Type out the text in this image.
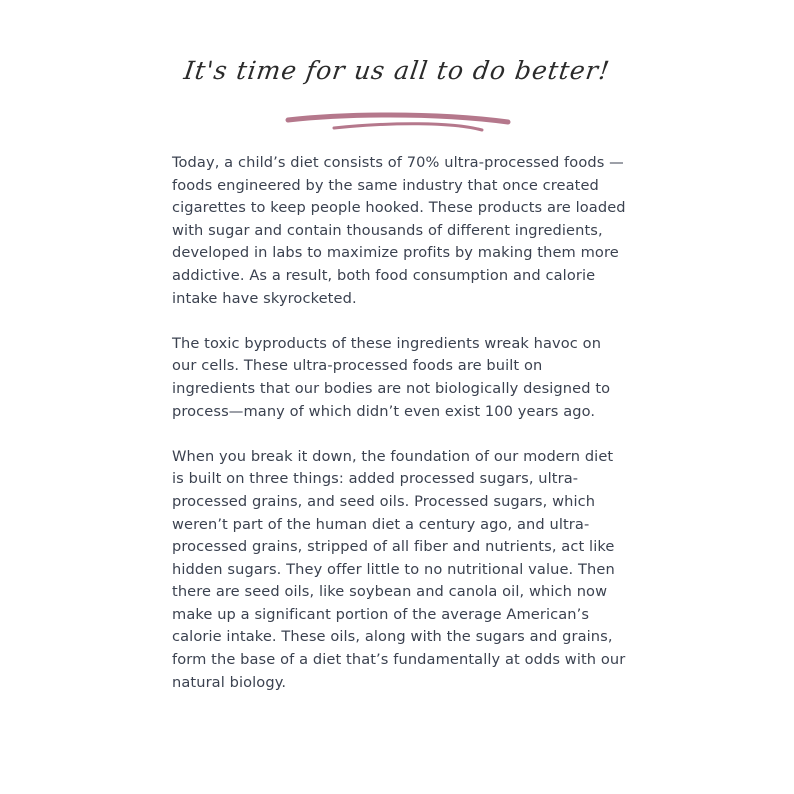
It's time for us all to do better!

Today, a child’s diet consists of 70% ultra-processed foods —foods engineered by the same industry that once created cigarettes to keep people hooked. These products are loaded with sugar and contain thousands of different ingredients, developed in labs to maximize profits by making them more addictive. As a result, both food consumption and calorie intake have skyrocketed.

The toxic byproducts of these ingredients wreak havoc on our cells. These ultra-processed foods are built on ingredients that our bodies are not biologically designed to process—many of which didn’t even exist 100 years ago.

When you break it down, the foundation of our modern diet is built on three things: added processed sugars, ultra-processed grains, and seed oils. Processed sugars, which weren’t part of the human diet a century ago, and ultra-processed grains, stripped of all fiber and nutrients, act like hidden sugars. They offer little to no nutritional value. Then there are seed oils, like soybean and canola oil, which now make up a significant portion of the average American’s calorie intake. These oils, along with the sugars and grains, form the base of a diet that’s fundamentally at odds with our natural biology.
